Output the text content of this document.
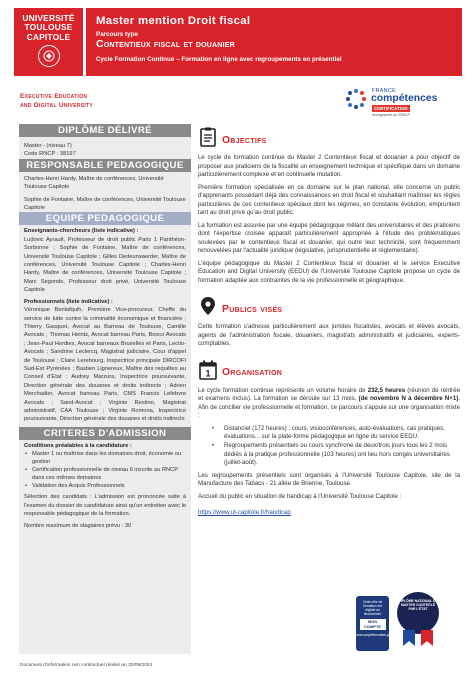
UNIVERSITÉ
TOULOUSE
CAPITOLE
Master mention Droit fiscal
Parcours type
Contentieux fiscal et douanier
Cycle Formation Continue – Formation en ligne avec regroupements en présentiel
Executive Education
and Digital University
FRANCE
compétences
CERTIFICATION
enregistrée au RNCP
DIPLÔME DÉLIVRÉ
Master - (niveau 7)
Code RNCP : 38197
RESPONSABLE PEDAGOGIQUE
Charles-Henri Hardy, Maître de conférences, Université Toulouse Capitole
Sophie de Fontaine, Maître de conférences, Université Toulouse Capitole
EQUIPE PEDAGOGIQUE
Enseignants-chercheurs (liste indicative) :
Ludovic Ayrault, Professeur de droit public Paris 1 Panthéon-Sorbonne ; Sophie de Fontaine, Maître de conférences, Université Toulouse Capitole ; Gilles Dedeurwaerder, Maître de conférences, Université Toulouse Capitole ; Charles-Henri Hardy, Maître de conférences, Université Toulouse Capitole ; Marc Segonds, Professeur droit privé, Université Toulouse Capitole
Professionnels (liste indicative) :
Véronique Benlafquih, Première Vice-procureur, Cheffe du service de lutte contre la criminalité économique et financière ; Thierry Gasquet, Avocat au Barreau de Toulouse, Camille Avocats ; Thomas Heintz, Avocat barreau Paris, Bosco Avocats ; Jean-Paul Hordies, Avocat barreaux Bruxelles et Paris, Lectio-Avocats ; Sandrine Leclercq, Magistrat judiciaire, Cour d'appel de Toulouse ; Claire Lerebourg, Inspectrice principale DIRCOFI Sud-Est Pyrénées ; Bastien Lignereux, Maître des requêtes au Conseil d'Etat ; Audrey Marzura, Inspectrice poursuivante, Direction générale des douanes et droits indirects ; Adrien Merchadier, Avocat barreau Paris, CMS Francis Lefebvre Avocats ; Sand-Avocat ; Virginie Restino, Magistrat administratif, CAA Toulouse ; Virginie Romona, Inspectrice poursuivante, Direction générale des douanes et droits indirects
CRITERES D'ADMISSION
Conditions préalables à la candidature :
• Master 1 ou maîtrise dans les domaines droit, économie ou gestion
• Certification professionnelle de niveau 6 inscrite au RNCP dans ces mêmes domaines
• Validation des Acquis Professionnels
Sélection des candidats : L'admission est prononcée suite à l'examen du dossier de candidature ainsi qu'un entretien avec le responsable pédagogique de la formation.
Nombre maximum de stagiaires prévu : 30
Objectifs

Le cycle de formation continue du Master 2 Contentieux fiscal et douanier a pour objectif de proposer aux praticiens de la fiscalité un enseignement technique et spécifique dans un domaine particulièrement complexe et en continuelle mutation.

Première formation spécialisée en ce domaine sur le plan national, elle concerne un public d'apprenants possédant déjà des connaissances en droit fiscal et souhaitant maîtriser les règles particulières de ces contentieux spéciaux dont les régimes, en constante évolution, empruntent tant au droit privé qu'au droit public.

La formation est assurée par une équipe pédagogique mêlant des universitaires et des praticiens dont l'expertise croisée apparaît particulièrement appropriée à l'étude des problématiques soulevées par le contentieux fiscal et douanier, qui outre leur technicité, sont fréquemment renouvelées par l'actualité juridique (législative, jurisprudentielle et réglementaire).

L'équipe pédagogique du Master 2 Contentieux fiscal et douanier et le service Executive Education and Digital University (EEDU) de l'Université Toulouse Capitole propose un cycle de formation adaptée aux contraintes de la vie professionnelle et géographique.

Publics visés

Cette formation s'adresse particulièrement aux juristes fiscalistes, avocats et élèves avocats, agents de l'administration fiscale, douaniers, magistrats administratifs et judiciaires, experts-comptables.

1 Organisation

Le cycle formation continue représente un volume horaire de 232,5 heures (réunion de rentrée et examens inclus). La formation se déroule sur 13 mois, (de novembre N à décembre N+1). Afin de concilier vie professionnelle et formation, ce parcours s'appuie sur une organisation mixte :

• Distanciel (172 heures) : cours, visioconférences, auto-évaluations, cas pratiques, évaluations... sur la plate-forme pédagogique en ligne du service EEDU.
• Regroupements présentiels ou cours synchrone de deux/trois jours tous les 2 mois dédiés à la pratique professionnelle (103 heures) ont lieu hors congés universitaires (juillet-août).

Les regroupements présentiels sont organisés à l'Université Toulouse Capitole, site de la Manufacture des Tabacs - 21 allée de Brienne, Toulouse.

Accueil du public en situation de handicap à l'Université Toulouse Capitole :

https://www.ut-capitole.fr/handicap
Cette offre de formation est éligible au financement
MON COMPTE FORMATION
moncompteformation.gouv.fr
DIPLÔME NATIONAL DE MASTER CONTRÔLÉ PAR L'ÉTAT
Document d'information non contractuel réalisé au 20/09/2024
